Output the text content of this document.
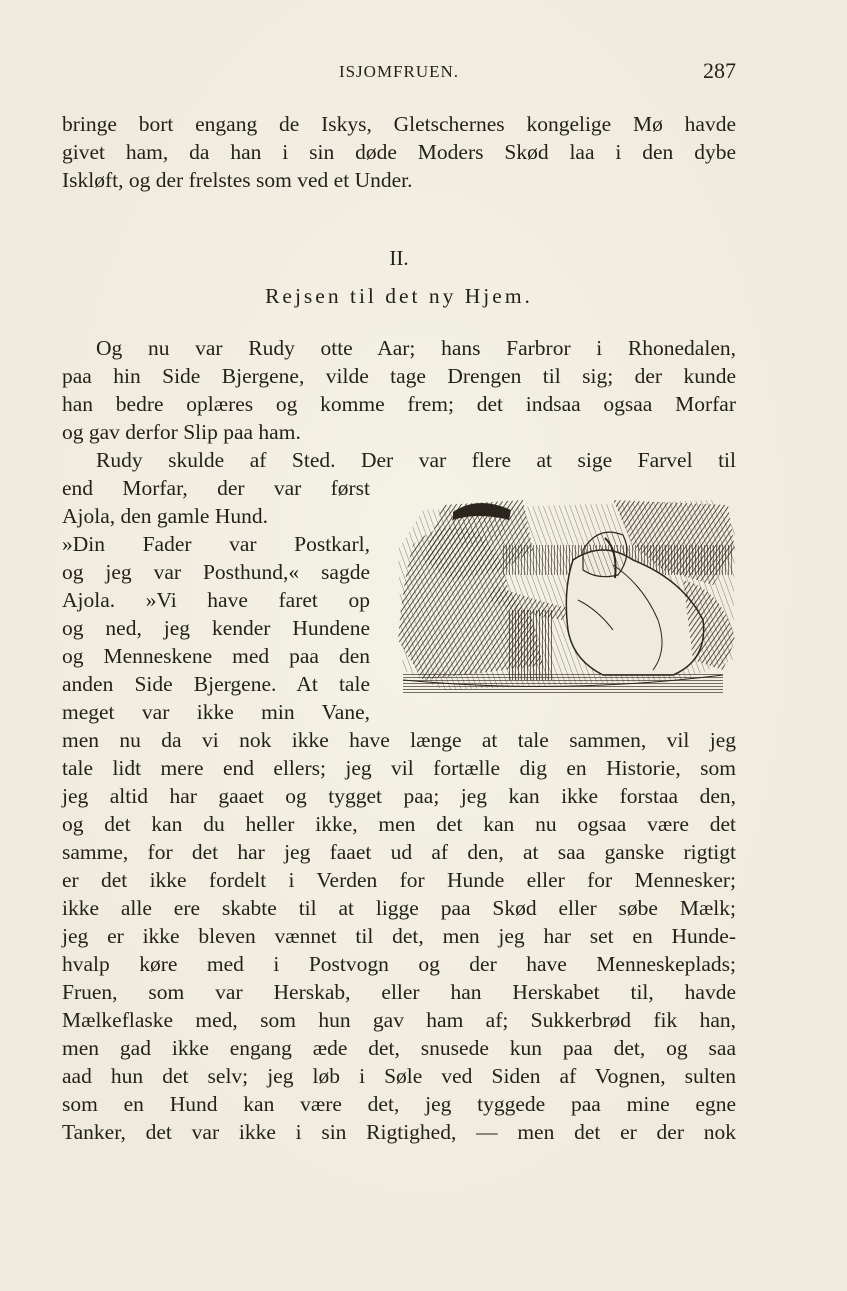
ISJOMFRUEN.	287
bringe bort engang de Iskys, Gletschernes kongelige Mø havde
givet ham, da han i sin døde Moders Skød laa i den dybe
Iskløft, og der frelstes som ved et Under.
II.
Rejsen til det ny Hjem.
Og nu var Rudy otte Aar; hans Farbror i Rhonedalen,
paa hin Side Bjergene, vilde tage Drengen til sig; der kunde
han bedre oplæres og komme frem; det indsaa ogsaa Morfar
og gav derfor Slip paa ham.
Rudy skulde af Sted. Der var flere at sige Farvel til
end Morfar, der var først
Ajola, den gamle Hund.
»Din Fader var Postkarl,
og jeg var Posthund,« sagde
Ajola. »Vi have faret op
og ned, jeg kender Hundene
og Menneskene med paa den
anden Side Bjergene. At tale
meget var ikke min Vane,
men nu da vi nok ikke have længe at tale sammen, vil jeg
tale lidt mere end ellers; jeg vil fortælle dig en Historie, som
jeg altid har gaaet og tygget paa; jeg kan ikke forstaa den,
og det kan du heller ikke, men det kan nu ogsaa være det
samme, for det har jeg faaet ud af den, at saa ganske rigtigt
er det ikke fordelt i Verden for Hunde eller for Mennesker;
ikke alle ere skabte til at ligge paa Skød eller søbe Mælk;
jeg er ikke bleven vænnet til det, men jeg har set en Hunde-
hvalp køre med i Postvogn og der have Menneskeplads;
Fruen, som var Herskab, eller han Herskabet til, havde
Mælkeflaske med, som hun gav ham af; Sukkerbrød fik han,
men gad ikke engang æde det, snusede kun paa det, og saa
aad hun det selv; jeg løb i Søle ved Siden af Vognen, sulten
som en Hund kan være det, jeg tyggede paa mine egne
Tanker, det var ikke i sin Rigtighed, — men det er der nok
